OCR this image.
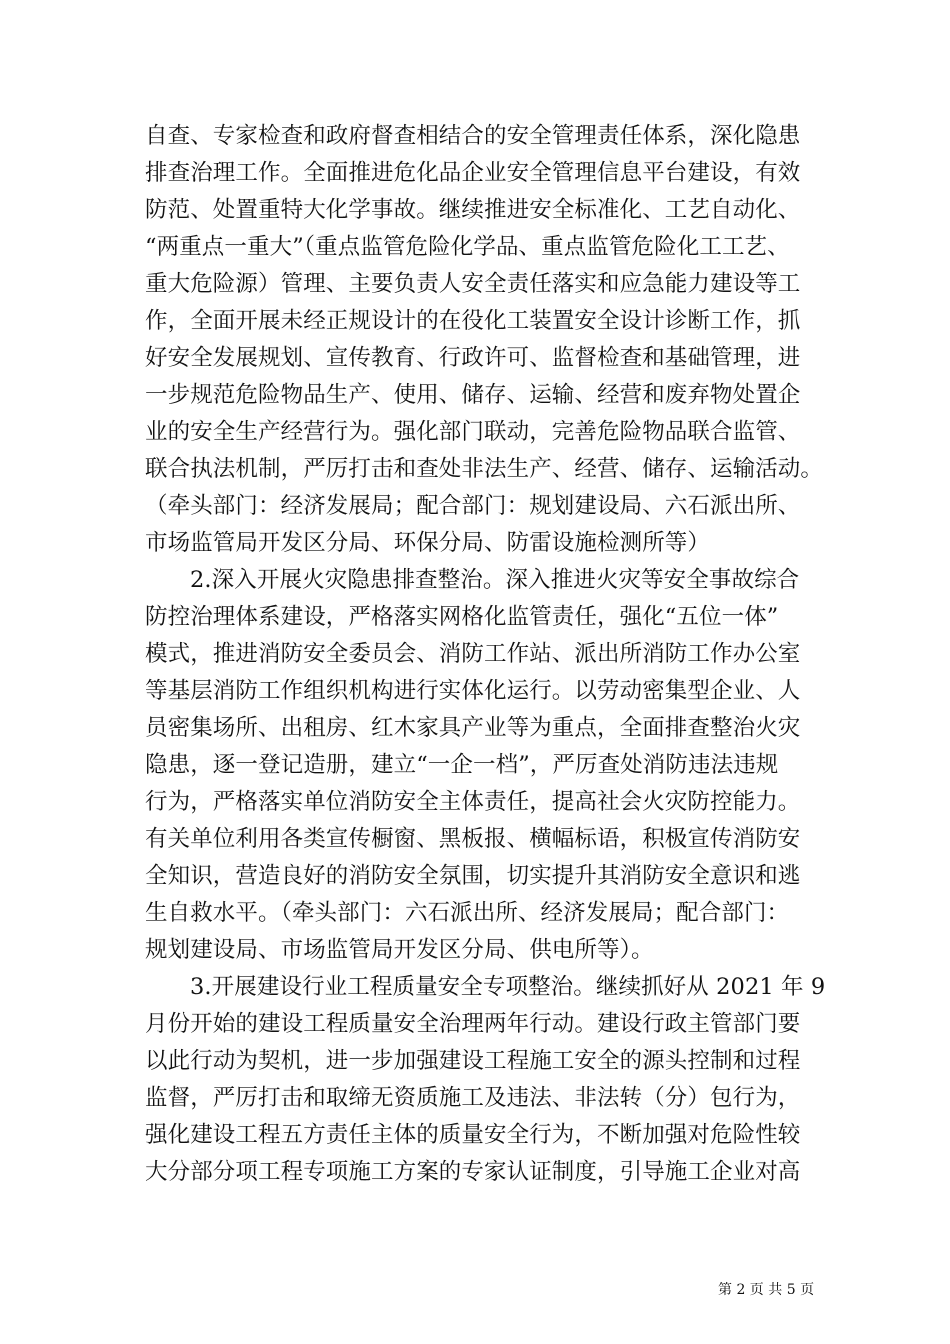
自查、专家检查和政府督查相结合的安全管理责任体系，深化隐患
排查治理工作。全面推进危化品企业安全管理信息平台建设，有效
防范、处置重特大化学事故。继续推进安全标准化、工艺自动化、
“两重点一重大”（重点监管危险化学品、重点监管危险化工工艺、
重大危险源）管理、主要负责人安全责任落实和应急能力建设等工
作，全面开展未经正规设计的在役化工装置安全设计诊断工作，抓
好安全发展规划、宣传教育、行政许可、监督检查和基础管理，进
一步规范危险物品生产、使用、储存、运输、经营和废弃物处置企
业的安全生产经营行为。强化部门联动，完善危险物品联合监管、
联合执法机制，严厉打击和查处非法生产、经营、储存、运输活动。
（牵头部门：经济发展局；配合部门：规划建设局、六石派出所、
市场监管局开发区分局、环保分局、防雷设施检测所等）
2.深入开展火灾隐患排查整治。深入推进火灾等安全事故综合
防控治理体系建设，严格落实网格化监管责任，强化“五位一体”
模式，推进消防安全委员会、消防工作站、派出所消防工作办公室
等基层消防工作组织机构进行实体化运行。以劳动密集型企业、人
员密集场所、出租房、红木家具产业等为重点，全面排查整治火灾
隐患，逐一登记造册，建立“一企一档”，严厉查处消防违法违规
行为，严格落实单位消防安全主体责任，提高社会火灾防控能力。
有关单位利用各类宣传橱窗、黑板报、横幅标语，积极宣传消防安
全知识，营造良好的消防安全氛围，切实提升其消防安全意识和逃
生自救水平。（牵头部门：六石派出所、经济发展局；配合部门：
规划建设局、市场监管局开发区分局、供电所等）。
3.开展建设行业工程质量安全专项整治。继续抓好从 2021 年 9
月份开始的建设工程质量安全治理两年行动。建设行政主管部门要
以此行动为契机，进一步加强建设工程施工安全的源头控制和过程
监督，严厉打击和取缔无资质施工及违法、非法转（分）包行为，
强化建设工程五方责任主体的质量安全行为，不断加强对危险性较
大分部分项工程专项施工方案的专家认证制度，引导施工企业对高
第 2 页 共 5 页
